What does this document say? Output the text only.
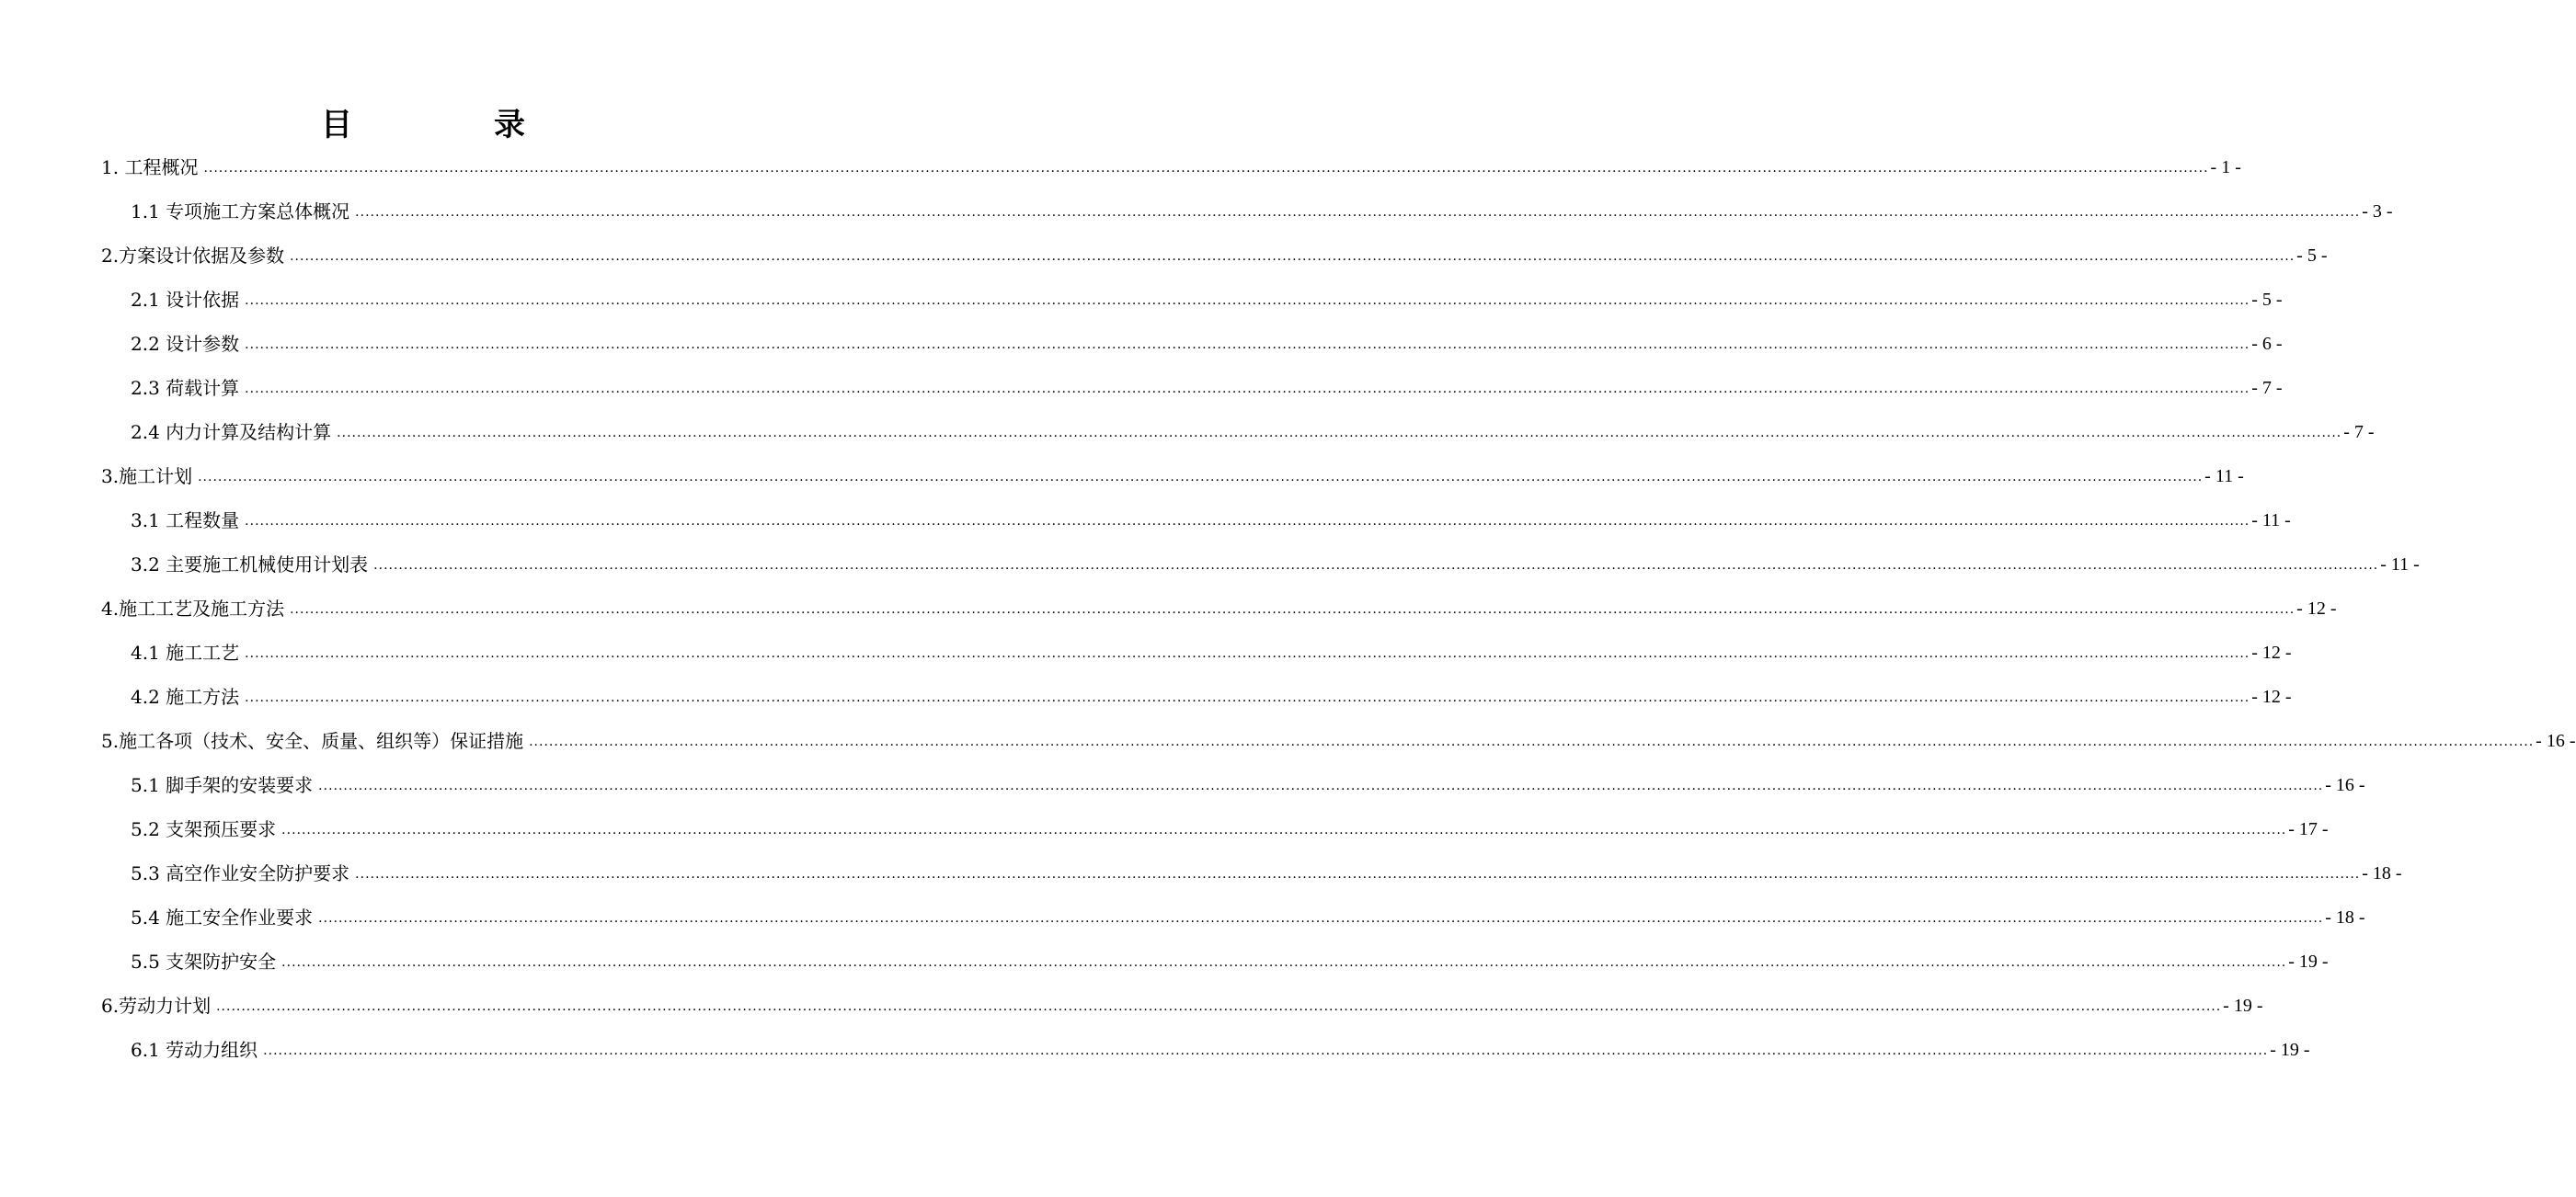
目　录
1. 工程概况 ................................................................................................................................................................................................................................................................................................................................................................................................................ - 1 -
1.1 专项施工方案总体概况 ................................................................................................................................................................................................................................................................................................................................................................................................................ - 3 -
2.方案设计依据及参数 ................................................................................................................................................................................................................................................................................................................................................................................................................ - 5 -
2.1 设计依据 ................................................................................................................................................................................................................................................................................................................................................................................................................ - 5 -
2.2 设计参数 ................................................................................................................................................................................................................................................................................................................................................................................................................ - 6 -
2.3 荷载计算 ................................................................................................................................................................................................................................................................................................................................................................................................................ - 7 -
2.4 内力计算及结构计算 ................................................................................................................................................................................................................................................................................................................................................................................................................ - 7 -
3.施工计划 ................................................................................................................................................................................................................................................................................................................................................................................................................ - 11 -
3.1 工程数量 ................................................................................................................................................................................................................................................................................................................................................................................................................ - 11 -
3.2 主要施工机械使用计划表 ................................................................................................................................................................................................................................................................................................................................................................................................................ - 11 -
4.施工工艺及施工方法 ................................................................................................................................................................................................................................................................................................................................................................................................................ - 12 -
4.1 施工工艺 ................................................................................................................................................................................................................................................................................................................................................................................................................ - 12 -
4.2 施工方法 ................................................................................................................................................................................................................................................................................................................................................................................................................ - 12 -
5.施工各项（技术、安全、质量、组织等）保证措施 ................................................................................................................................................................................................................................................................................................................................................................................................................ - 16 -
5.1 脚手架的安装要求 ................................................................................................................................................................................................................................................................................................................................................................................................................ - 16 -
5.2 支架预压要求 ................................................................................................................................................................................................................................................................................................................................................................................................................ - 17 -
5.3 高空作业安全防护要求 ................................................................................................................................................................................................................................................................................................................................................................................................................ - 18 -
5.4 施工安全作业要求 ................................................................................................................................................................................................................................................................................................................................................................................................................ - 18 -
5.5 支架防护安全 ................................................................................................................................................................................................................................................................................................................................................................................................................ - 19 -
6.劳动力计划 ................................................................................................................................................................................................................................................................................................................................................................................................................ - 19 -
6.1 劳动力组织 ................................................................................................................................................................................................................................................................................................................................................................................................................ - 19 -
